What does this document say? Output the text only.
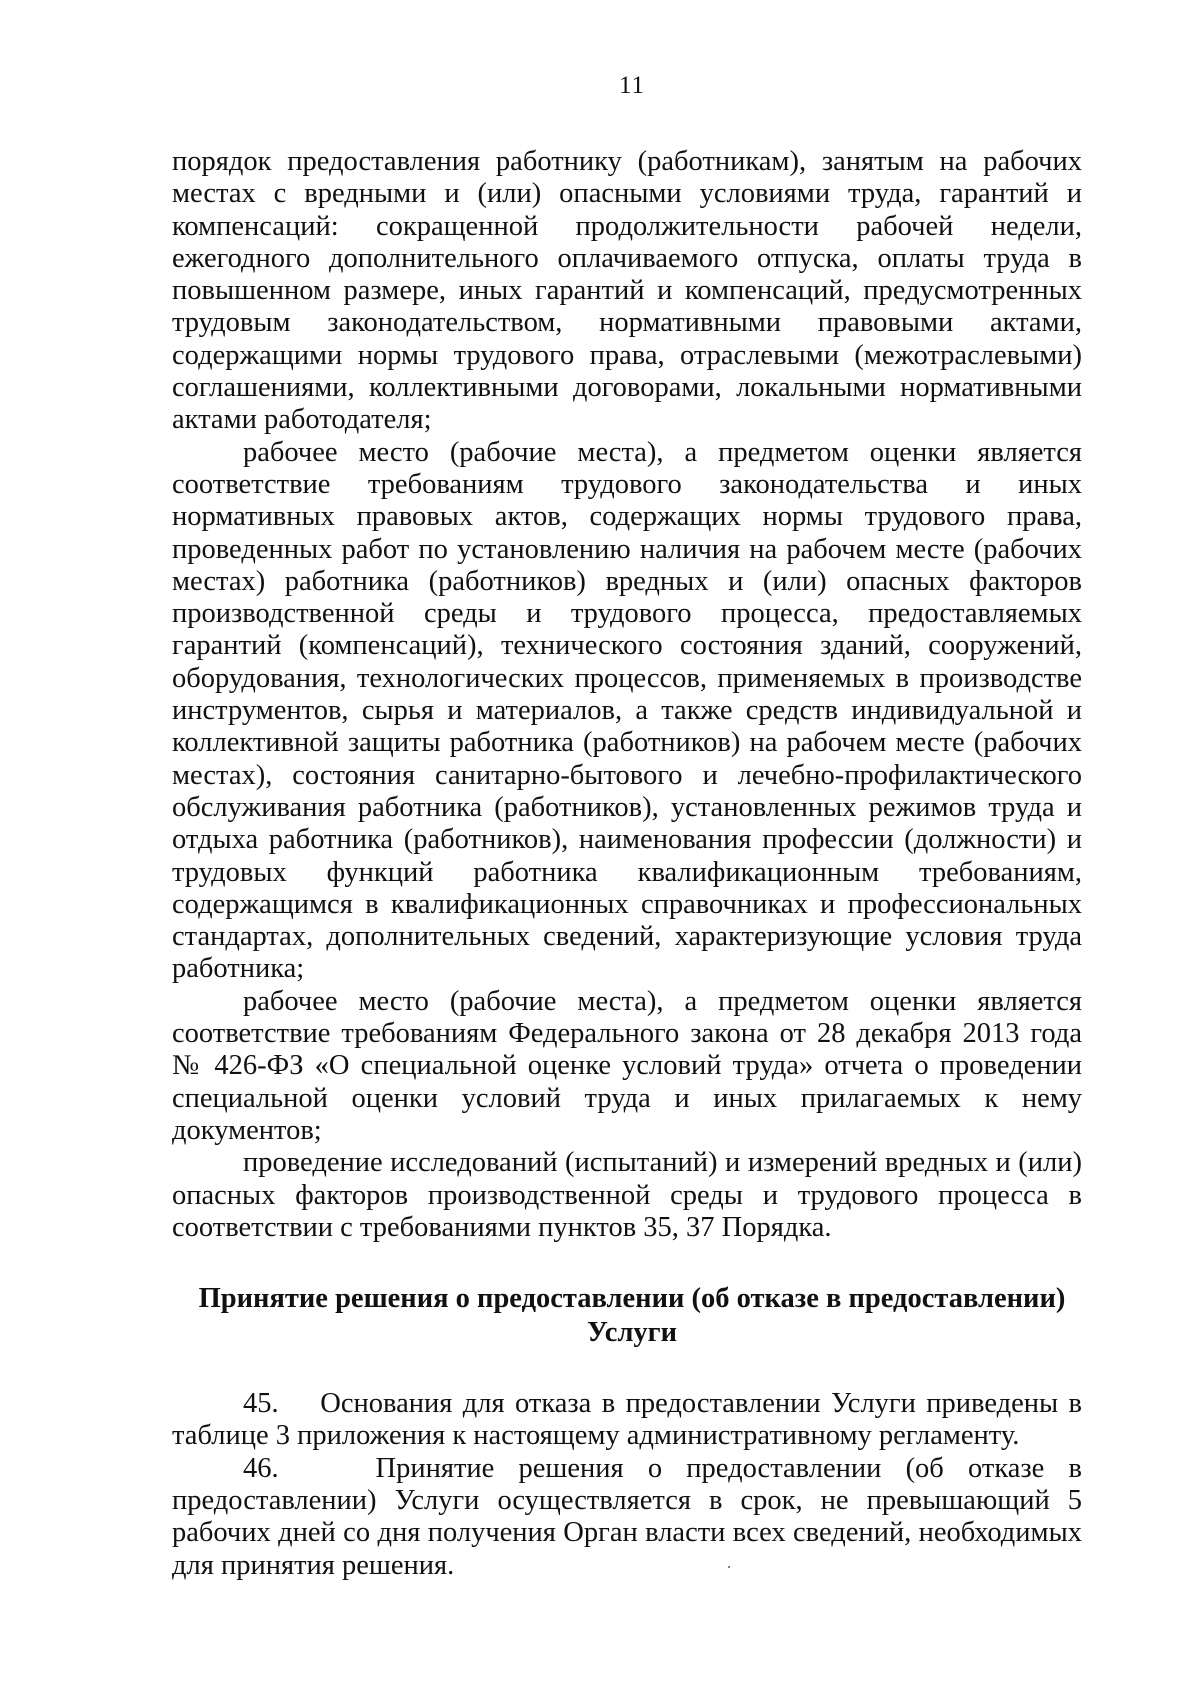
11

порядок предоставления работнику (работникам), занятым на рабочих местах с вредными и (или) опасными условиями труда, гарантий и компенсаций: сокращенной продолжительности рабочей недели, ежегодного дополнительного оплачиваемого отпуска, оплаты труда в повышенном размере, иных гарантий и компенсаций, предусмотренных трудовым законодательством, нормативными правовыми актами, содержащими нормы трудового права, отраслевыми (межотраслевыми) соглашениями, коллективными договорами, локальными нормативными актами работодателя;

рабочее место (рабочие места), а предметом оценки является соответствие требованиям трудового законодательства и иных нормативных правовых актов, содержащих нормы трудового права, проведенных работ по установлению наличия на рабочем месте (рабочих местах) работника (работников) вредных и (или) опасных факторов производственной среды и трудового процесса, предоставляемых гарантий (компенсаций), технического состояния зданий, сооружений, оборудования, технологических процессов, применяемых в производстве инструментов, сырья и материалов, а также средств индивидуальной и коллективной защиты работника (работников) на рабочем месте (рабочих местах), состояния санитарно-бытового и лечебно-профилактического обслуживания работника (работников), установленных режимов труда и отдыха работника (работников), наименования профессии (должности) и трудовых функций работника квалификационным требованиям, содержащимся в квалификационных справочниках и профессиональных стандартах, дополнительных сведений, характеризующие условия труда работника;

рабочее место (рабочие места), а предметом оценки является соответствие требованиям Федерального закона от 28 декабря 2013 года № 426-ФЗ «О специальной оценке условий труда» отчета о проведении специальной оценки условий труда и иных прилагаемых к нему документов;

проведение исследований (испытаний) и измерений вредных и (или) опасных факторов производственной среды и трудового процесса в соответствии с требованиями пунктов 35, 37 Порядка.

Принятие решения о предоставлении (об отказе в предоставлении)
Услуги

45. Основания для отказа в предоставлении Услуги приведены в таблице 3 приложения к настоящему административному регламенту.

46.	Принятие решения о предоставлении (об отказе в предоставлении) Услуги осуществляется в срок, не превышающий 5 рабочих дней со дня получения Орган власти всех сведений, необходимых для принятия решения.
